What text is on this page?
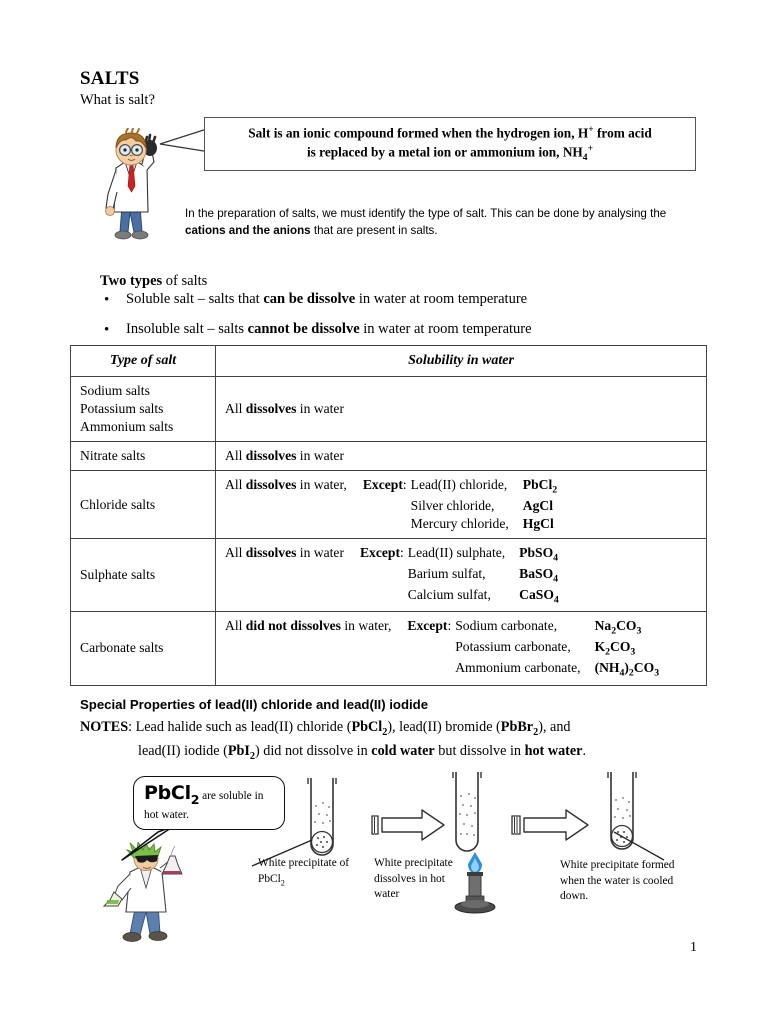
SALTS
What is salt?
Salt is an ionic compound formed when the hydrogen ion, H+ from acid
is replaced by a metal ion or ammonium ion, $NH_4^+$
In the preparation of salts, we must identify the type of salt. This can be done by analysing the cations and the anions that are present in salts.
Two types of salts
•	Soluble salt – salts that can be dissolve in water at room temperature
•	Insoluble salt – salts cannot be dissolve in water at room temperature
Type of salt	Solubility in water
Sodium salts
Potassium salts
Ammonium salts	All dissolves in water
Nitrate salts	All dissolves in water
Chloride salts	
All dissolves in water,	Except:	Lead(II) chloride,	PbCl$_2$
Silver chloride,	AgCl
Mercury chloride,	HgCl

Sulphate salts	
All dissolves in water	Except:	Lead(II) sulphate,	PbSO$_4$
Barium sulfat,	BaSO$_4$
Calcium sulfat,	CaSO$_4$

Carbonate salts	
All did not dissolves in water,	Except:	Sodium carbonate,	$Na_2CO_3$
Potassium carbonate,	$K_2CO_3$
Ammonium carbonate,	$(NH_4)_2CO_3$
Special Properties of lead(II) chloride and lead(II) iodide
NOTES: Lead halide such as lead(II) chloride (PbCl$_2$), lead(II) bromide (PbBr$_2$), and
lead(II) iodide (PbI$_2$) did not dissolve in cold water but dissolve in hot water.
PbCl$_2$ are soluble in
hot water.
White precipitate of
PbCl$_2$
White precipitate
dissolves in hot
water
White precipitate formed
when the water is cooled
down.
1
